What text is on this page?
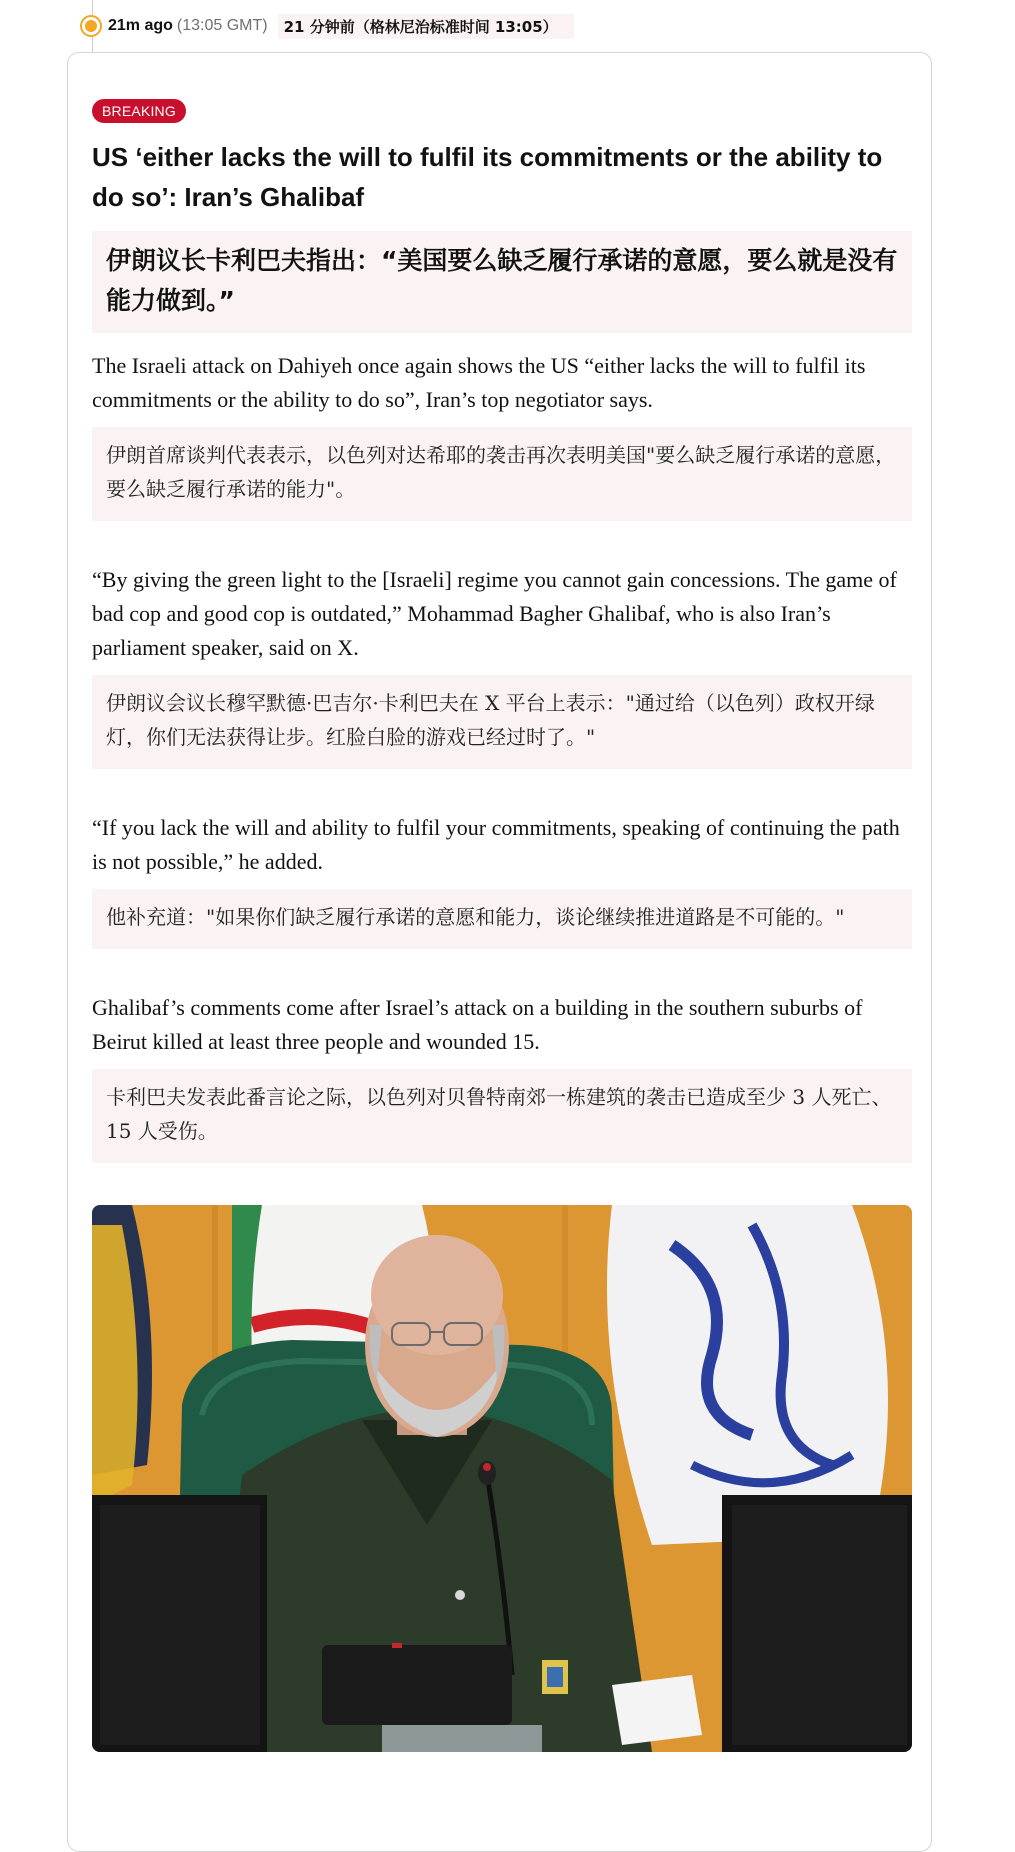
21m ago (13:05 GMT)	21 分钟前（格林尼治标准时间 13:05）
BREAKING
US ‘either lacks the will to fulfil its commitments or the ability to do so’: Iran’s Ghalibaf
伊朗议长卡利巴夫指出：“美国要么缺乏履行承诺的意愿，要么就是没有能力做到。”
The Israeli attack on Dahiyeh once again shows the US “either lacks the will to fulfil its commitments or the ability to do so”, Iran’s top negotiator says.
伊朗首席谈判代表表示，以色列对达希耶的袭击再次表明美国"要么缺乏履行承诺的意愿，要么缺乏履行承诺的能力"。
“By giving the green light to the [Israeli] regime you cannot gain concessions. The game of bad cop and good cop is outdated,” Mohammad Bagher Ghalibaf, who is also Iran’s parliament speaker, said on X.
伊朗议会议长穆罕默德·巴吉尔·卡利巴夫在 X 平台上表示："通过给（以色列）政权开绿灯，你们无法获得让步。红脸白脸的游戏已经过时了。"
“If you lack the will and ability to fulfil your commitments, speaking of continuing the path is not possible,” he added.
他补充道："如果你们缺乏履行承诺的意愿和能力，谈论继续推进道路是不可能的。"
Ghalibaf’s comments come after Israel’s attack on a building in the southern suburbs of Beirut killed at least three people and wounded 15.
卡利巴夫发表此番言论之际，以色列对贝鲁特南郊一栋建筑的袭击已造成至少 3 人死亡、15 人受伤。
